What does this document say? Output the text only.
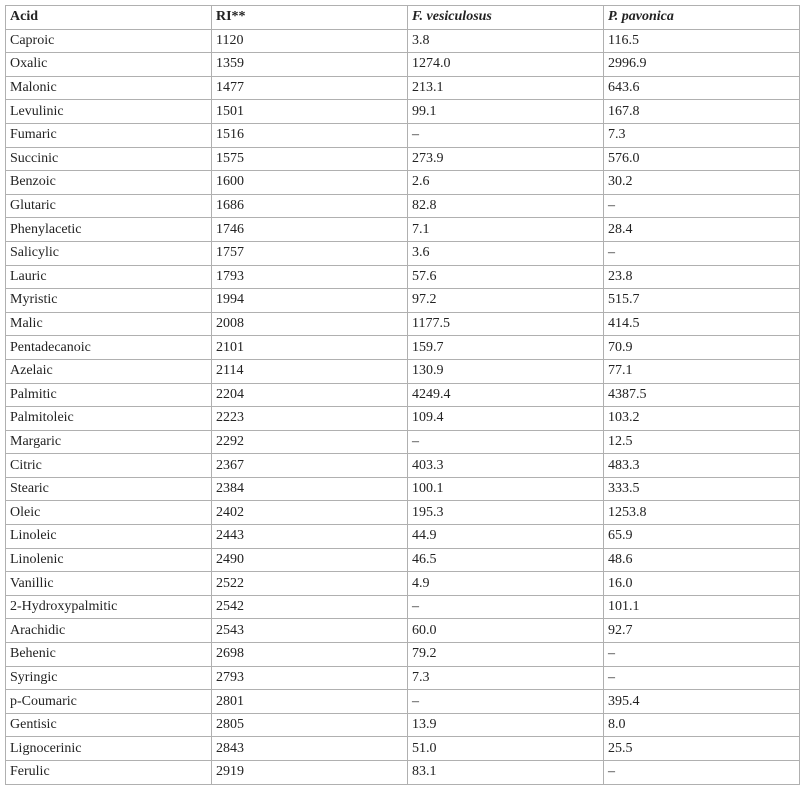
Acid	RI**	F. vesiculosus	P. pavonica
Caproic	1120	3.8	116.5
Oxalic	1359	1274.0	2996.9
Malonic	1477	213.1	643.6
Levulinic	1501	99.1	167.8
Fumaric	1516	–	7.3
Succinic	1575	273.9	576.0
Benzoic	1600	2.6	30.2
Glutaric	1686	82.8	–
Phenylacetic	1746	7.1	28.4
Salicylic	1757	3.6	–
Lauric	1793	57.6	23.8
Myristic	1994	97.2	515.7
Malic	2008	1177.5	414.5
Pentadecanoic	2101	159.7	70.9
Azelaic	2114	130.9	77.1
Palmitic	2204	4249.4	4387.5
Palmitoleic	2223	109.4	103.2
Margaric	2292	–	12.5
Citric	2367	403.3	483.3
Stearic	2384	100.1	333.5
Oleic	2402	195.3	1253.8
Linoleic	2443	44.9	65.9
Linolenic	2490	46.5	48.6
Vanillic	2522	4.9	16.0
2-Hydroxypalmitic	2542	–	101.1
Arachidic	2543	60.0	92.7
Behenic	2698	79.2	–
Syringic	2793	7.3	–
p-Coumaric	2801	–	395.4
Gentisic	2805	13.9	8.0
Lignocerinic	2843	51.0	25.5
Ferulic	2919	83.1	–
